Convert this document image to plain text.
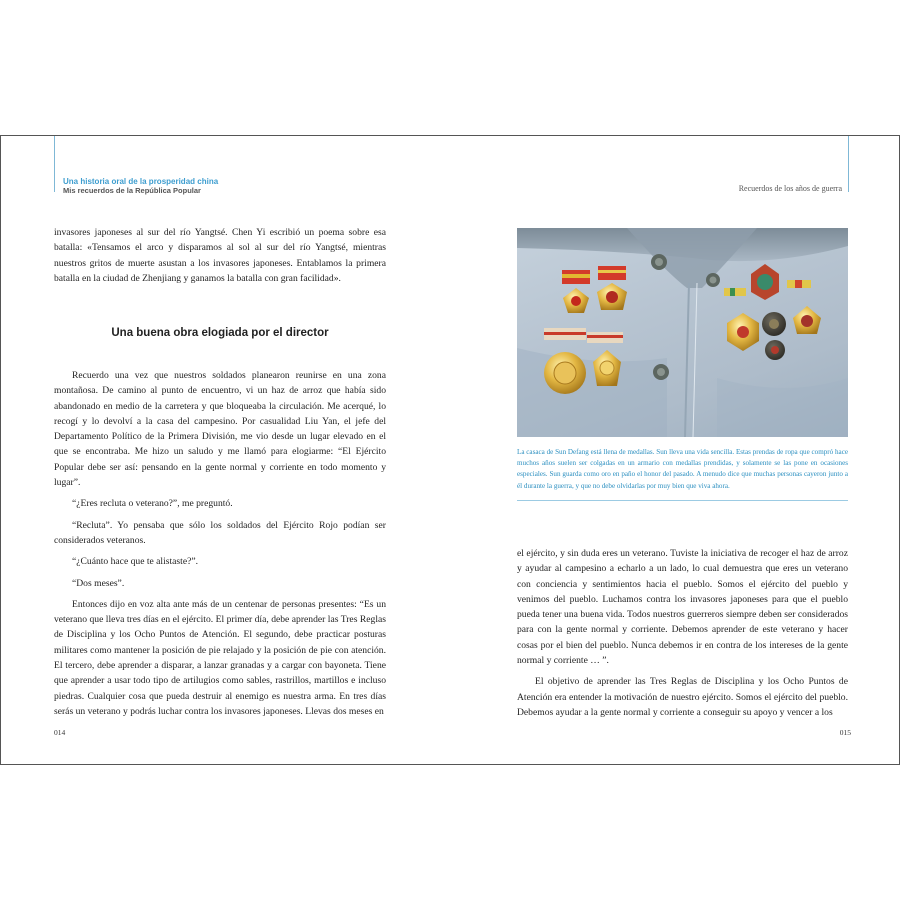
Una historia oral de la prosperidad china
Mis recuerdos de la República Popular	Recuerdos de los años de guerra

invasores japoneses al sur del río Yangtsé. Chen Yi escribió un poema sobre esa batalla: «Tensamos el arco y disparamos al sol al sur del río Yangtsé, mientras nuestros gritos de muerte asustan a los invasores japoneses. Entablamos la primera batalla en la ciudad de Zhenjiang y ganamos la batalla con gran facilidad».

Una buena obra elogiada por el director

Recuerdo una vez que nuestros soldados planearon reunirse en una zona montañosa. De camino al punto de encuentro, vi un haz de arroz que había sido abandonado en medio de la carretera y que bloqueaba la circulación. Me acerqué, lo recogí y lo devolví a la casa del campesino. Por casualidad Liu Yan, el jefe del Departamento Político de la Primera División, me vio desde un lugar elevado en el que se encontraba. Me hizo un saludo y me llamó para elogiarme: “El Ejército Popular debe ser así: pensando en la gente normal y corriente en todo momento y lugar”.

“¿Eres recluta o veterano?”, me preguntó.

“Recluta”. Yo pensaba que sólo los soldados del Ejército Rojo podían ser considerados veteranos.

“¿Cuánto hace que te alistaste?”.

“Dos meses”.

Entonces dijo en voz alta ante más de un centenar de personas presentes: “Es un veterano que lleva tres días en el ejército. El primer día, debe aprender las Tres Reglas de Disciplina y los Ocho Puntos de Atención. El segundo, debe practicar posturas militares como mantener la posición de pie relajado y la posición de pie con atención. El tercero, debe aprender a disparar, a lanzar granadas y a cargar con bayoneta. Tiene que aprender a usar todo tipo de artilugios como sables, rastrillos, martillos e incluso piedras. Cualquier cosa que pueda destruir al enemigo es nuestra arma. En tres días serás un veterano y podrás luchar contra los invasores japoneses. Llevas dos meses en

014
La casaca de Sun Defang está llena de medallas. Sun lleva una vida sencilla. Estas prendas de ropa que compró hace muchos años suelen ser colgadas en un armario con medallas prendidas, y solamente se las pone en ocasiones especiales. Sun guarda como oro en paño el honor del pasado. A menudo dice que muchas personas cayeron junto a él durante la guerra, y que no debe olvidarlas por muy bien que viva ahora.

el ejército, y sin duda eres un veterano. Tuviste la iniciativa de recoger el haz de arroz y ayudar al campesino a echarlo a un lado, lo cual demuestra que eres un veterano con conciencia y sentimientos hacia el pueblo. Somos el ejército del pueblo y venimos del pueblo. Luchamos contra los invasores japoneses para que el pueblo pueda tener una buena vida. Todos nuestros guerreros siempre deben ser considerados para con la gente normal y corriente. Debemos aprender de este veterano y hacer cosas por el bien del pueblo. Nunca debemos ir en contra de los intereses de la gente normal y corriente … ”.

El objetivo de aprender las Tres Reglas de Disciplina y los Ocho Puntos de Atención era entender la motivación de nuestro ejército. Somos el ejército del pueblo. Debemos ayudar a la gente normal y corriente a conseguir su apoyo y vencer a los

015
